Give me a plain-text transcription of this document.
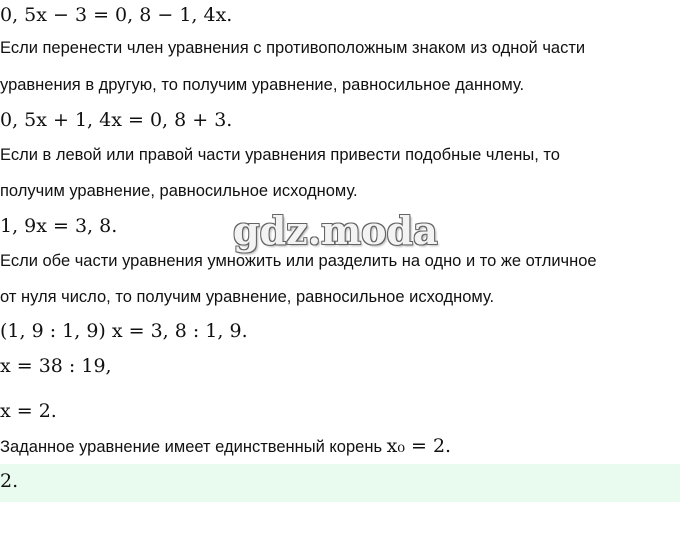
0, 5x − 3 = 0, 8 − 1, 4x.
Если перенести член уравнения с противоположным знаком из одной части
уравнения в другую, то получим уравнение, равносильное данному.
0, 5x + 1, 4x = 0, 8 + 3.
Если в левой или правой части уравнения привести подобные члены, то
получим уравнение, равносильное исходному.
1, 9x = 3, 8.
Если обе части уравнения умножить или разделить на одно и то же отличное
от нуля число, то получим уравнение, равносильное исходному.
(1, 9 : 1, 9) x = 3, 8 : 1, 9.
x = 38 : 19,
x = 2.
Заданное уравнение имеет единственный корень x₀ = 2.
2.
gdz.moda
